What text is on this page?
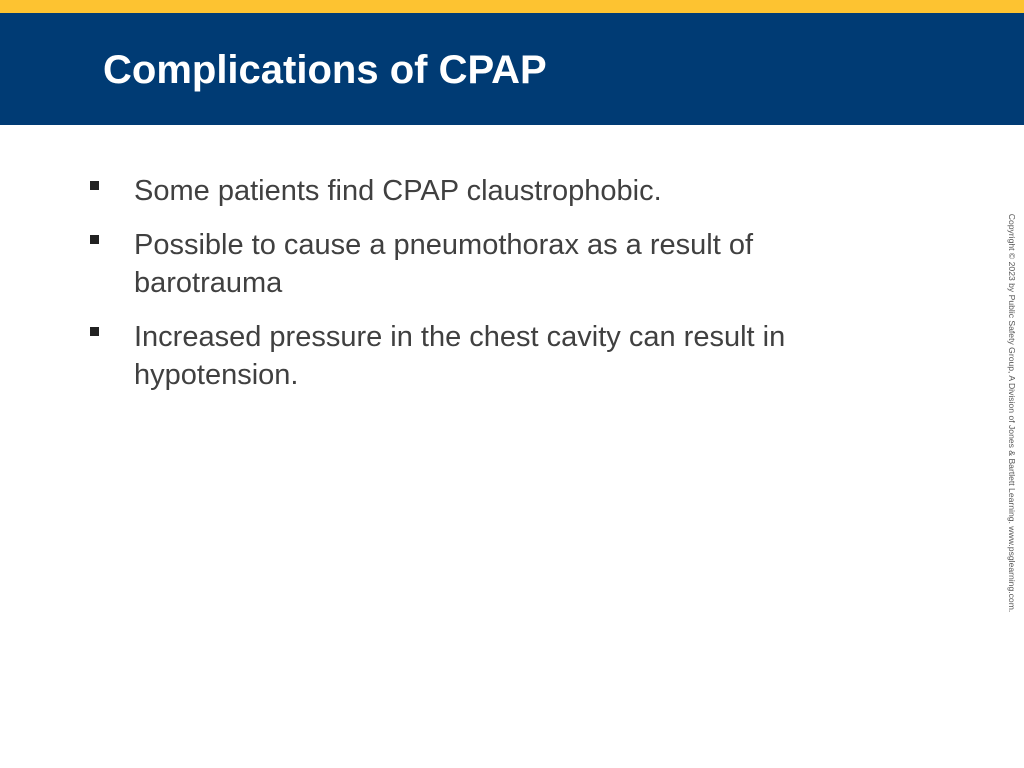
Complications of CPAP
Some patients find CPAP claustrophobic.
Possible to cause a pneumothorax as a result of barotrauma
Increased pressure in the chest cavity can result in hypotension.	Copyright © 2023 by Public Safety Group, A Division of Jones & Bartlett Learning. www.psglearning.com.
